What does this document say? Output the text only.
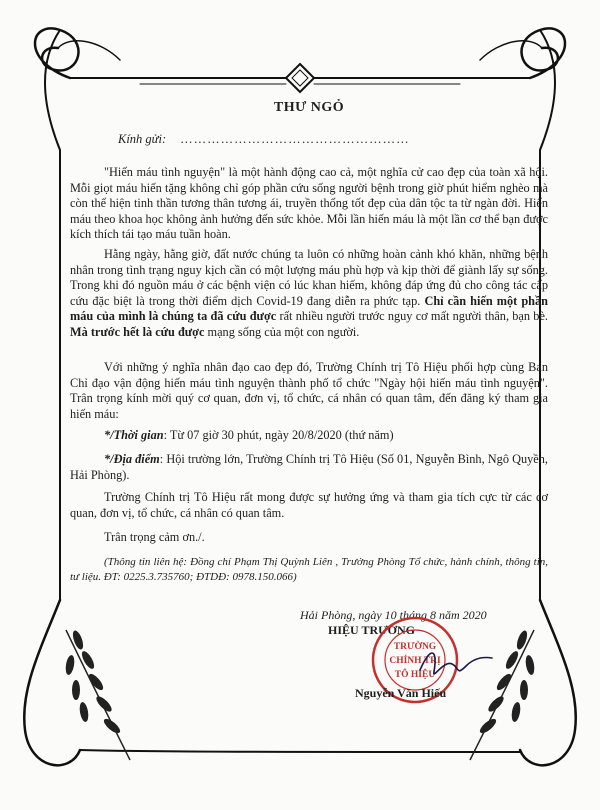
THƯ NGỎ
Kính gửi: ……………………………………………
"Hiến máu tình nguyện" là một hành động cao cả, một nghĩa cử cao đẹp của toàn xã hội. Mỗi giọt máu hiến tặng không chỉ góp phần cứu sống người bệnh trong giờ phút hiểm nghèo mà còn thể hiện tinh thần tương thân tương ái, truyền thống tốt đẹp của dân tộc ta từ ngàn đời. Hiến máu theo khoa học không ảnh hưởng đến sức khỏe. Mỗi lần hiến máu là một lần cơ thể bạn được kích thích tái tạo máu tuần hoàn.
Hằng ngày, hằng giờ, đất nước chúng ta luôn có những hoàn cảnh khó khăn, những bệnh nhân trong tình trạng nguy kịch cần có một lượng máu phù hợp và kịp thời để giành lấy sự sống. Trong khi đó nguồn máu ở các bệnh viện có lúc khan hiếm, không đáp ứng đủ cho công tác cấp cứu đặc biệt là trong thời điểm dịch Covid-19 đang diễn ra phức tạp. Chỉ cần hiến một phần máu của mình là chúng ta đã cứu được rất nhiều người trước nguy cơ mất người thân, bạn bè. Mà trước hết là cứu được mạng sống của một con người.
Với những ý nghĩa nhân đạo cao đẹp đó, Trường Chính trị Tô Hiệu phối hợp cùng Ban Chỉ đạo vận động hiến máu tình nguyện thành phố tổ chức "Ngày hội hiến máu tình nguyện". Trân trọng kính mời quý cơ quan, đơn vị, tổ chức, cá nhân có quan tâm, đến đăng ký tham gia hiến máu:
*/Thời gian: Từ 07 giờ 30 phút, ngày 20/8/2020 (thứ năm)
*/Địa điểm: Hội trường lớn, Trường Chính trị Tô Hiệu (Số 01, Nguyễn Bình, Ngô Quyền, Hải Phòng).
Trường Chính trị Tô Hiệu rất mong được sự hưởng ứng và tham gia tích cực từ các cơ quan, đơn vị, tổ chức, cá nhân có quan tâm.
Trân trọng cảm ơn./.
(Thông tin liên hệ: Đồng chí Phạm Thị Quỳnh Liên , Trưởng Phòng Tổ chức, hành chính, thông tin, tư liệu. ĐT: 0225.3.735760; ĐTDĐ: 0978.150.066)
Hải Phòng, ngày 10 tháng 8 năm 2020
HIỆU TRƯỞNG
TRƯỜNG
CHÍNH TRỊ
TÔ HIỆU
Nguyễn Văn Hiếu
